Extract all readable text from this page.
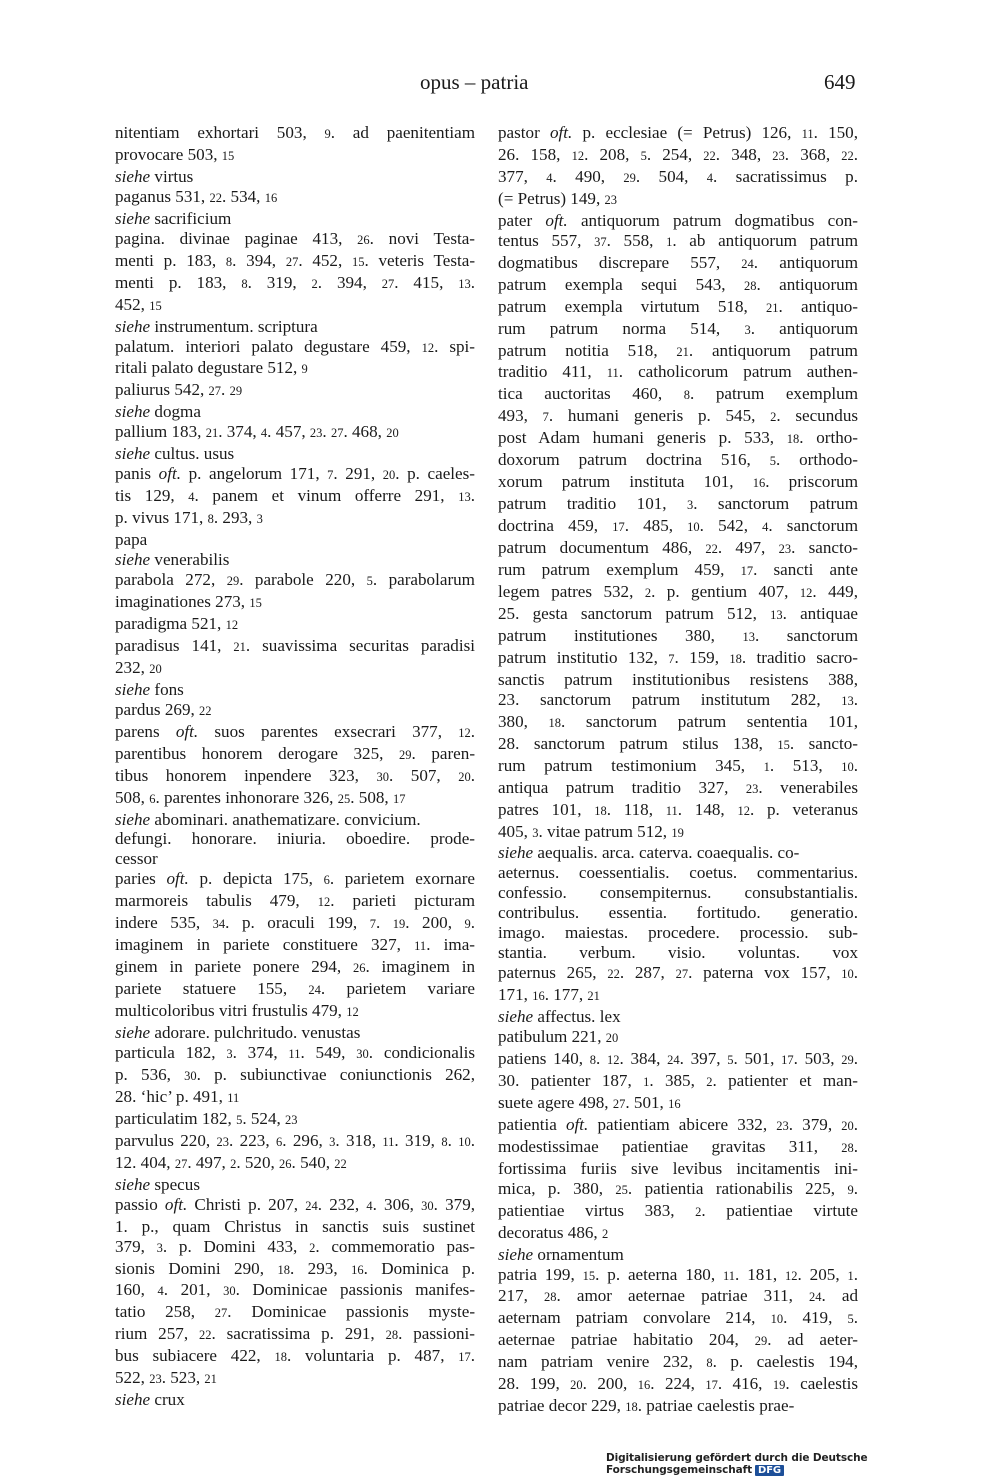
opus – patria	649
nitentiam exhortari 503, 9. ad paenitentiam
provocare 503, 15
siehe virtus
paganus 531, 22. 534, 16
siehe sacrificium
pagina. divinae paginae 413, 26. novi Testa-
menti p. 183, 8. 394, 27. 452, 15. veteris Testa-
menti p. 183, 8. 319, 2. 394, 27. 415, 13.
452, 15
siehe instrumentum. scriptura
palatum. interiori palato degustare 459, 12. spi-
ritali palato degustare 512, 9
paliurus 542, 27. 29
siehe dogma
pallium 183, 21. 374, 4. 457, 23. 27. 468, 20
siehe cultus. usus
panis oft. p. angelorum 171, 7. 291, 20. p. caeles-
tis 129, 4. panem et vinum offerre 291, 13.
p. vivus 171, 8. 293, 3
papa
siehe venerabilis
parabola 272, 29. parabole 220, 5. parabolarum
imaginationes 273, 15
paradigma 521, 12
paradisus 141, 21. suavissima securitas paradisi
232, 20
siehe fons
pardus 269, 22
parens oft. suos parentes exsecrari 377, 12.
parentibus honorem derogare 325, 29. paren-
tibus honorem inpendere 323, 30. 507, 20.
508, 6. parentes inhonorare 326, 25. 508, 17
siehe abominari. anathematizare. convicium.
defungi. honorare. iniuria. oboedire. prode-
cessor
paries oft. p. depicta 175, 6. parietem exornare
marmoreis tabulis 479, 12. parieti picturam
indere 535, 34. p. oraculi 199, 7. 19. 200, 9.
imaginem in pariete constituere 327, 11. ima-
ginem in pariete ponere 294, 26. imaginem in
pariete statuere 155, 24. parietem variare
multicoloribus vitri frustulis 479, 12
siehe adorare. pulchritudo. venustas
particula 182, 3. 374, 11. 549, 30. condicionalis
p. 536, 30. p. subiunctivae coniunctionis 262,
28. ‘hic’ p. 491, 11
particulatim 182, 5. 524, 23
parvulus 220, 23. 223, 6. 296, 3. 318, 11. 319, 8. 10.
12. 404, 27. 497, 2. 520, 26. 540, 22
siehe specus
passio oft. Christi p. 207, 24. 232, 4. 306, 30. 379,
1. p., quam Christus in sanctis suis sustinet
379, 3. p. Domini 433, 2. commemoratio pas-
sionis Domini 290, 18. 293, 16. Dominica p.
160, 4. 201, 30. Dominicae passionis manifes-
tatio 258, 27. Dominicae passionis myste-
rium 257, 22. sacratissima p. 291, 28. passioni-
bus subiacere 422, 18. voluntaria p. 487, 17.
522, 23. 523, 21
siehe crux
pastor oft. p. ecclesiae (= Petrus) 126, 11. 150,
26. 158, 12. 208, 5. 254, 22. 348, 23. 368, 22.
377, 4. 490, 29. 504, 4. sacratissimus p.
(= Petrus) 149, 23
pater oft. antiquorum patrum dogmatibus con-
tentus 557, 37. 558, 1. ab antiquorum patrum
dogmatibus discrepare 557, 24. antiquorum
patrum exempla sequi 543, 28. antiquorum
patrum exempla virtutum 518, 21. antiquo-
rum patrum norma 514, 3. antiquorum
patrum notitia 518, 21. antiquorum patrum
traditio 411, 11. catholicorum patrum authen-
tica auctoritas 460, 8. patrum exemplum
493, 7. humani generis p. 545, 2. secundus
post Adam humani generis p. 533, 18. ortho-
doxorum patrum doctrina 516, 5. orthodo-
xorum patrum instituta 101, 16. priscorum
patrum traditio 101, 3. sanctorum patrum
doctrina 459, 17. 485, 10. 542, 4. sanctorum
patrum documentum 486, 22. 497, 23. sancto-
rum patrum exemplum 459, 17. sancti ante
legem patres 532, 2. p. gentium 407, 12. 449,
25. gesta sanctorum patrum 512, 13. antiquae
patrum institutiones 380, 13. sanctorum
patrum institutio 132, 7. 159, 18. traditio sacro-
sanctis patrum institutionibus resistens 388,
23. sanctorum patrum institutum 282, 13.
380, 18. sanctorum patrum sententia 101,
28. sanctorum patrum stilus 138, 15. sancto-
rum patrum testimonium 345, 1. 513, 10.
antiqua patrum traditio 327, 23. venerabiles
patres 101, 18. 118, 11. 148, 12. p. veteranus
405, 3. vitae patrum 512, 19
siehe aequalis. arca. caterva. coaequalis. co-
aeternus. coessentialis. coetus. commentarius.
confessio. consempiternus. consubstantialis.
contribulus. essentia. fortitudo. generatio.
imago. maiestas. procedere. processio. sub-
stantia. verbum. visio. voluntas. vox
paternus 265, 22. 287, 27. paterna vox 157, 10.
171, 16. 177, 21
siehe affectus. lex
patibulum 221, 20
patiens 140, 8. 12. 384, 24. 397, 5. 501, 17. 503, 29.
30. patienter 187, 1. 385, 2. patienter et man-
suete agere 498, 27. 501, 16
patientia oft. patientiam abicere 332, 23. 379, 20.
modestissimae patientiae gravitas 311, 28.
fortissima furiis sive levibus incitamentis ini-
mica, p. 380, 25. patientia rationabilis 225, 9.
patientiae virtus 383, 2. patientiae virtute
decoratus 486, 2
siehe ornamentum
patria 199, 15. p. aeterna 180, 11. 181, 12. 205, 1.
217, 28. amor aeternae patriae 311, 24. ad
aeternam patriam convolare 214, 10. 419, 5.
aeternae patriae habitatio 204, 29. ad aeter-
nam patriam venire 232, 8. p. caelestis 194,
28. 199, 20. 200, 16. 224, 17. 416, 19. caelestis
patriae decor 229, 18. patriae caelestis prae-
Digitalisierung gefördert durch die Deutsche Forschungsgemeinschaft DFG
